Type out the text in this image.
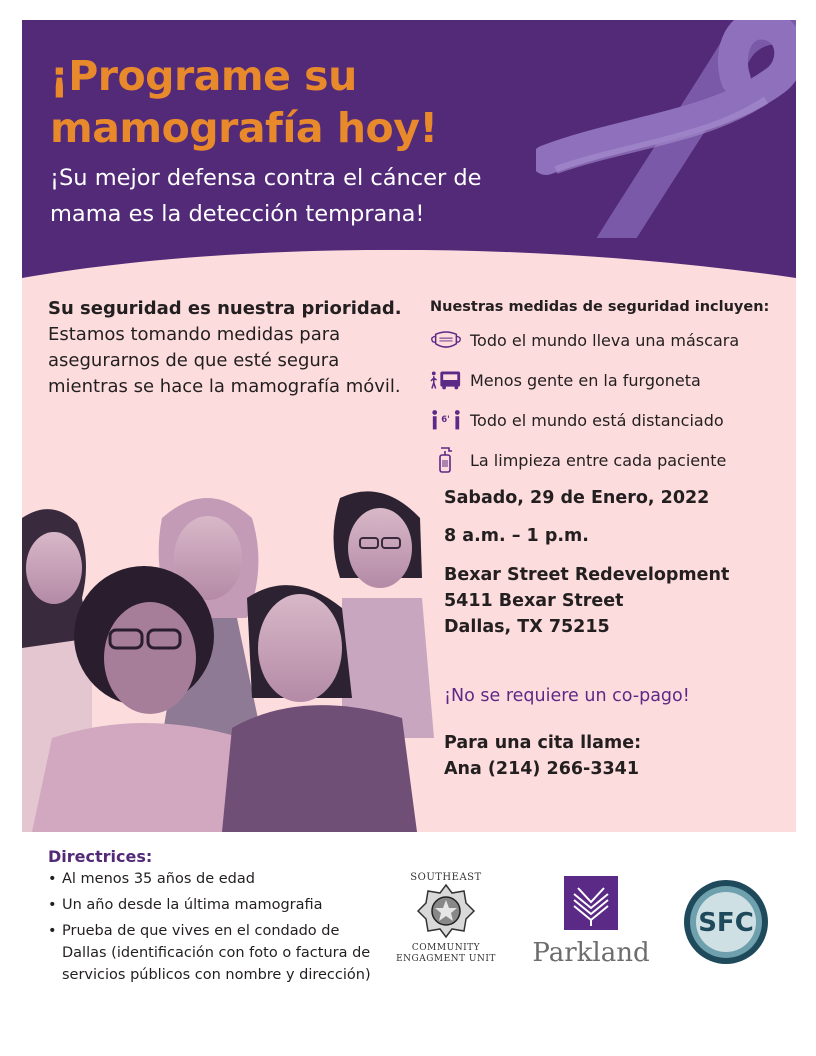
¡Programe su
mamografía hoy!

¡Su mejor defensa contra el cáncer de
mama es la detección temprana!

Su seguridad es nuestra prioridad.
Estamos tomando medidas para asegurarnos de que esté segura mientras se hace la mamografía móvil.
Nuestras medidas de seguridad incluyen:
Todo el mundo lleva una máscara
Menos gente en la furgoneta
6' Todo el mundo está distanciado
La limpieza entre cada paciente
Sabado, 29 de Enero, 2022
8 a.m. – 1 p.m.
Bexar Street Redevelopment
5411 Bexar Street
Dallas, TX 75215
¡No se requiere un co-pago!
Para una cita llame:
Ana (214) 266-3341
Directrices:
• Al menos 35 años de edad
• Un año desde la última mamografia
• Prueba de que vives en el condado de Dallas (identificación con foto o factura de servicios públicos con nombre y dirección)
SOUTHEAST
COMMUNITY
ENGAGMENT UNIT Parkland
SFC
